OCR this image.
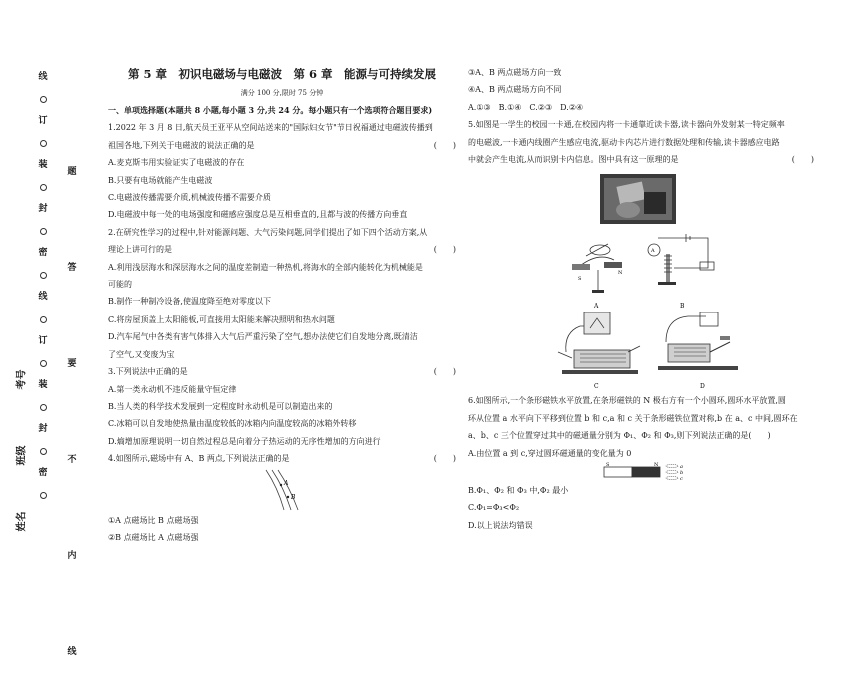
线
订
装
封
密
线
订
装
封
密
题
答
要
不
内
线
考号
班级
姓名

第 5 章　初识电磁场与电磁波　第 6 章　能源与可持续发展

满分 100 分,限时 75 分钟

一、单项选择题(本题共 8 小题,每小题 3 分,共 24 分。每小题只有一个选项符合题目要求)

1.2022 年 3 月 8 日,航天员王亚平从空间站送来的"国际妇女节"节日祝福通过电磁波传播到

祖国各地,下列关于电磁波的说法正确的是	(　　)

A.麦克斯韦用实验证实了电磁波的存在

B.只要有电场就能产生电磁波

C.电磁波传播需要介质,机械波传播不需要介质

D.电磁波中每一处的电场强度和磁感应强度总是互相垂直的,且都与波的传播方向垂直

2.在研究性学习的过程中,针对能源问题、大气污染问题,同学们提出了如下四个活动方案,从

理论上讲可行的是	(　　)

A.利用浅层海水和深层海水之间的温度差制造一种热机,将海水的全部内能转化为机械能是

可能的

B.制作一种制冷设备,使温度降至绝对零度以下

C.将房屋顶盖上太阳能板,可直接用太阳能来解决照明和热水问题

D.汽车尾气中各类有害气体排入大气后严重污染了空气,想办法使它们自发地分离,既清洁

了空气,又变废为宝

3.下列说法中正确的是	(　　)

A.第一类永动机不违反能量守恒定律

B.当人类的科学技术发展到一定程度时永动机是可以制造出来的

C.冰箱可以自发地使热量由温度较低的冰箱内向温度较高的冰箱外转移

D.熵增加原理说明一切自然过程总是向着分子热运动的无序性增加的方向进行

4.如图所示,磁场中有 A、B 两点,下列说法正确的是	(　　)

A
B

①A 点磁场比 B 点磁场强

②B 点磁场比 A 点磁场强

③A、B 两点磁场方向一致

④A、B 两点磁场方向不同

A.①③　B.①④　C.②③　D.②④

5.如图是一学生的校园一卡通,在校园内将一卡通靠近读卡器,读卡器向外发射某一特定频率

的电磁波,一卡通内线圈产生感应电流,驱动卡内芯片进行数据处理和传输,读卡器感应电路

中就会产生电流,从而识别卡内信息。图中具有这一原理的是	(　　)

S
N
A
A
B
C	D

6.如图所示,一个条形磁铁水平放置,在条形磁铁的 N 极右方有一个小圆环,圆环水平放置,圆

环从位置 a 水平向下平移到位置 b 和 c,a 和 c 关于条形磁铁位置对称,b 在 a、c 中间,圆环在

a、b、c 三个位置穿过其中的磁通量分别为 Φ₁、Φ₂ 和 Φ₃,则下列说法正确的是(　　)

A.由位置 a 到 c,穿过圆环磁通量的变化量为 0

S	N	a
b
c

B.Φ₁、Φ₂ 和 Φ₃ 中,Φ₂ 最小

C.Φ₁=Φ₃<Φ₂

D.以上说法均错误
